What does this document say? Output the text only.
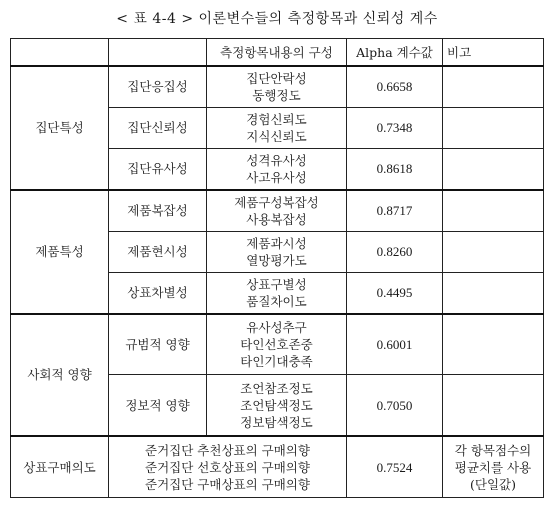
< 표 4-4 > 이론변수들의 측정항목과 신뢰성 계수
		측정항목내용의 구성	Alpha 계수값	비고
집단특성	집단응집성	집단안락성
동행정도	0.6658	
	집단신뢰성	경험신뢰도
지식신뢰도	0.7348	
	집단유사성	성격유사성
사고유사성	0.8618	
제품특성	제품복잡성	제품구성복잡성
사용복잡성	0.8717	
	제품현시성	제품과시성
열망평가도	0.8260	
	상표차별성	상표구별성
품질차이도	0.4495	
사회적 영향	규범적 영향	유사성추구
타인선호존중
타인기대충족	0.6001	
	정보적 영향	조언참조정도
조언탐색정도
정보탐색정도	0.7050	
상표구매의도	준거집단 추천상표의 구매의향
준거집단 선호상표의 구매의향
준거집단 구매상표의 구매의향		0.7524	각 항목점수의
평균치를 사용
(단일값)
